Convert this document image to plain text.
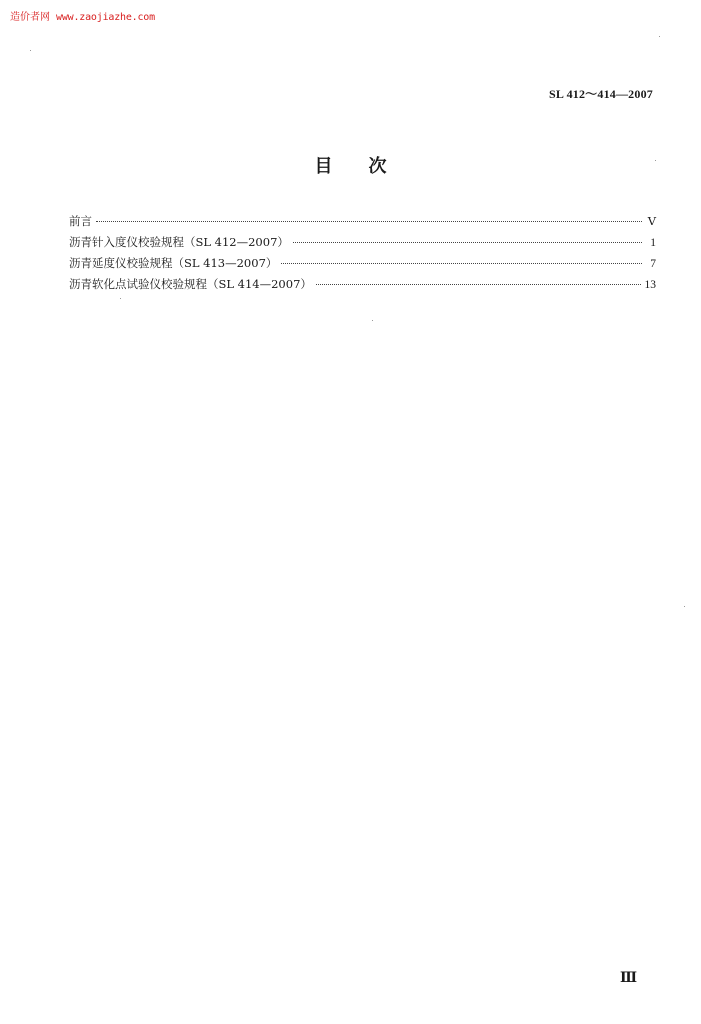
造价者网 www.zaojiazhe.com
SL 412～414—2007
目次
前言	Ⅴ
沥青针入度仪校验规程（SL 412—2007）	1
沥青延度仪校验规程（SL 413—2007）	7
沥青软化点试验仪校验规程（SL 414—2007）	13
Ⅲ
